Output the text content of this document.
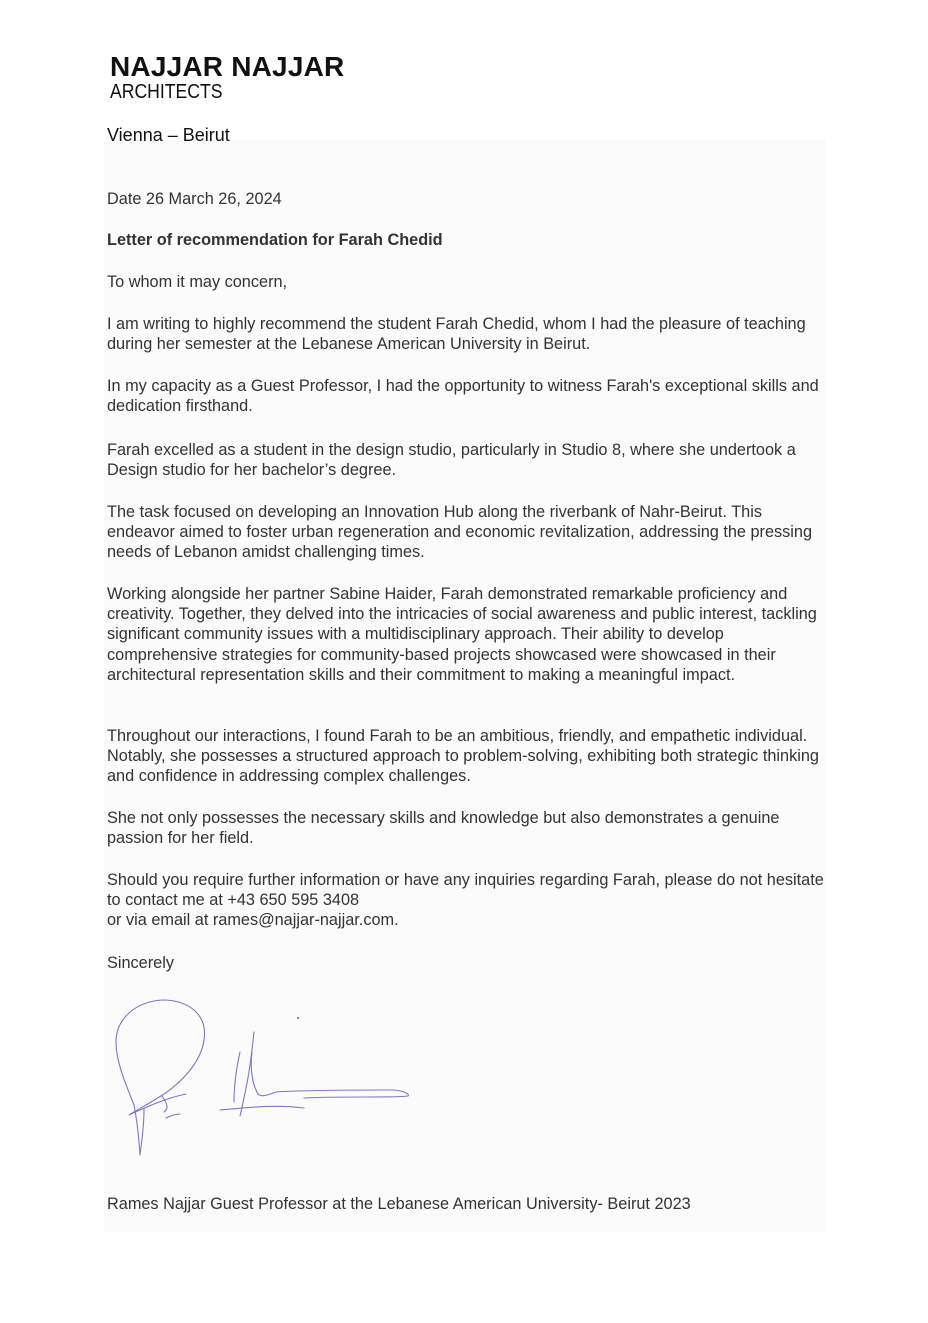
NAJJAR NAJJAR
ARCHITECTS
Vienna – Beirut
Date 26 March 26, 2024
Letter of recommendation for Farah Chedid
To whom it may concern,
I am writing to highly recommend the student Farah Chedid, whom I had the pleasure of teaching during her semester at the Lebanese American University in Beirut.
In my capacity as a Guest Professor, I had the opportunity to witness Farah's exceptional skills and dedication firsthand.
Farah excelled as a student in the design studio, particularly in Studio 8, where she undertook a Design studio for her bachelor’s degree.
The task focused on developing an Innovation Hub along the riverbank of Nahr-Beirut. This endeavor aimed to foster urban regeneration and economic revitalization, addressing the pressing needs of Lebanon amidst challenging times.
Working alongside her partner Sabine Haider, Farah demonstrated remarkable proficiency and creativity. Together, they delved into the intricacies of social awareness and public interest, tackling significant community issues with a multidisciplinary approach. Their ability to develop comprehensive strategies for community-based projects showcased were showcased in their architectural representation skills and their commitment to making a meaningful impact.
Throughout our interactions, I found Farah to be an ambitious, friendly, and empathetic individual. Notably, she possesses a structured approach to problem-solving, exhibiting both strategic thinking and confidence in addressing complex challenges.
She not only possesses the necessary skills and knowledge but also demonstrates a genuine passion for her field.

Should you require further information or have any inquiries regarding Farah, please do not hesitate to contact me at +43 650 595 3408

or via email at rames@najjar-najjar.com.

Sincerely
Rames Najjar Guest Professor at the Lebanese American University- Beirut 2023
